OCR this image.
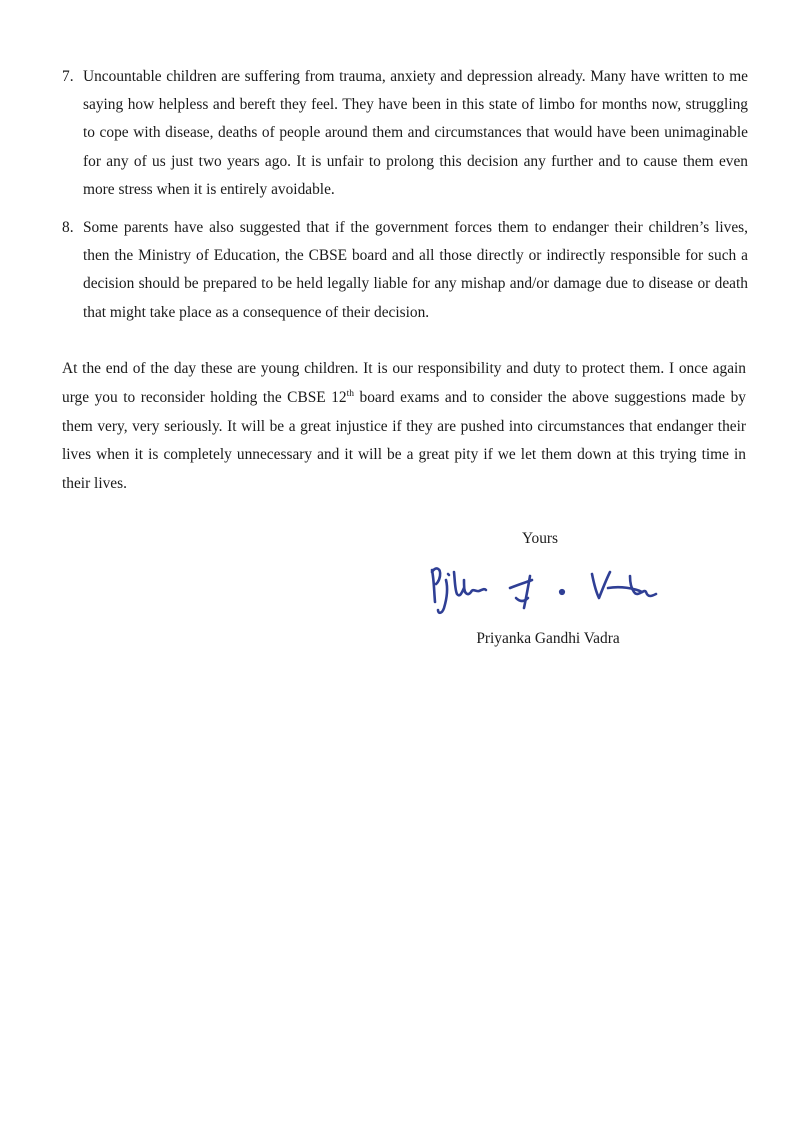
7. Uncountable children are suffering from trauma, anxiety and depression already. Many have written to me saying how helpless and bereft they feel. They have been in this state of limbo for months now, struggling to cope with disease, deaths of people around them and circumstances that would have been unimaginable for any of us just two years ago. It is unfair to prolong this decision any further and to cause them even more stress when it is entirely avoidable.
8. Some parents have also suggested that if the government forces them to endanger their children’s lives, then the Ministry of Education, the CBSE board and all those directly or indirectly responsible for such a decision should be prepared to be held legally liable for any mishap and/or damage due to disease or death that might take place as a consequence of their decision.

At the end of the day these are young children. It is our responsibility and duty to protect them. I once again urge you to reconsider holding the CBSE 12th board exams and to consider the above suggestions made by them very, very seriously. It will be a great injustice if they are pushed into circumstances that endanger their lives when it is completely unnecessary and it will be a great pity if we let them down at this trying time in their lives.

Yours
Priyanka Gandhi Vadra
